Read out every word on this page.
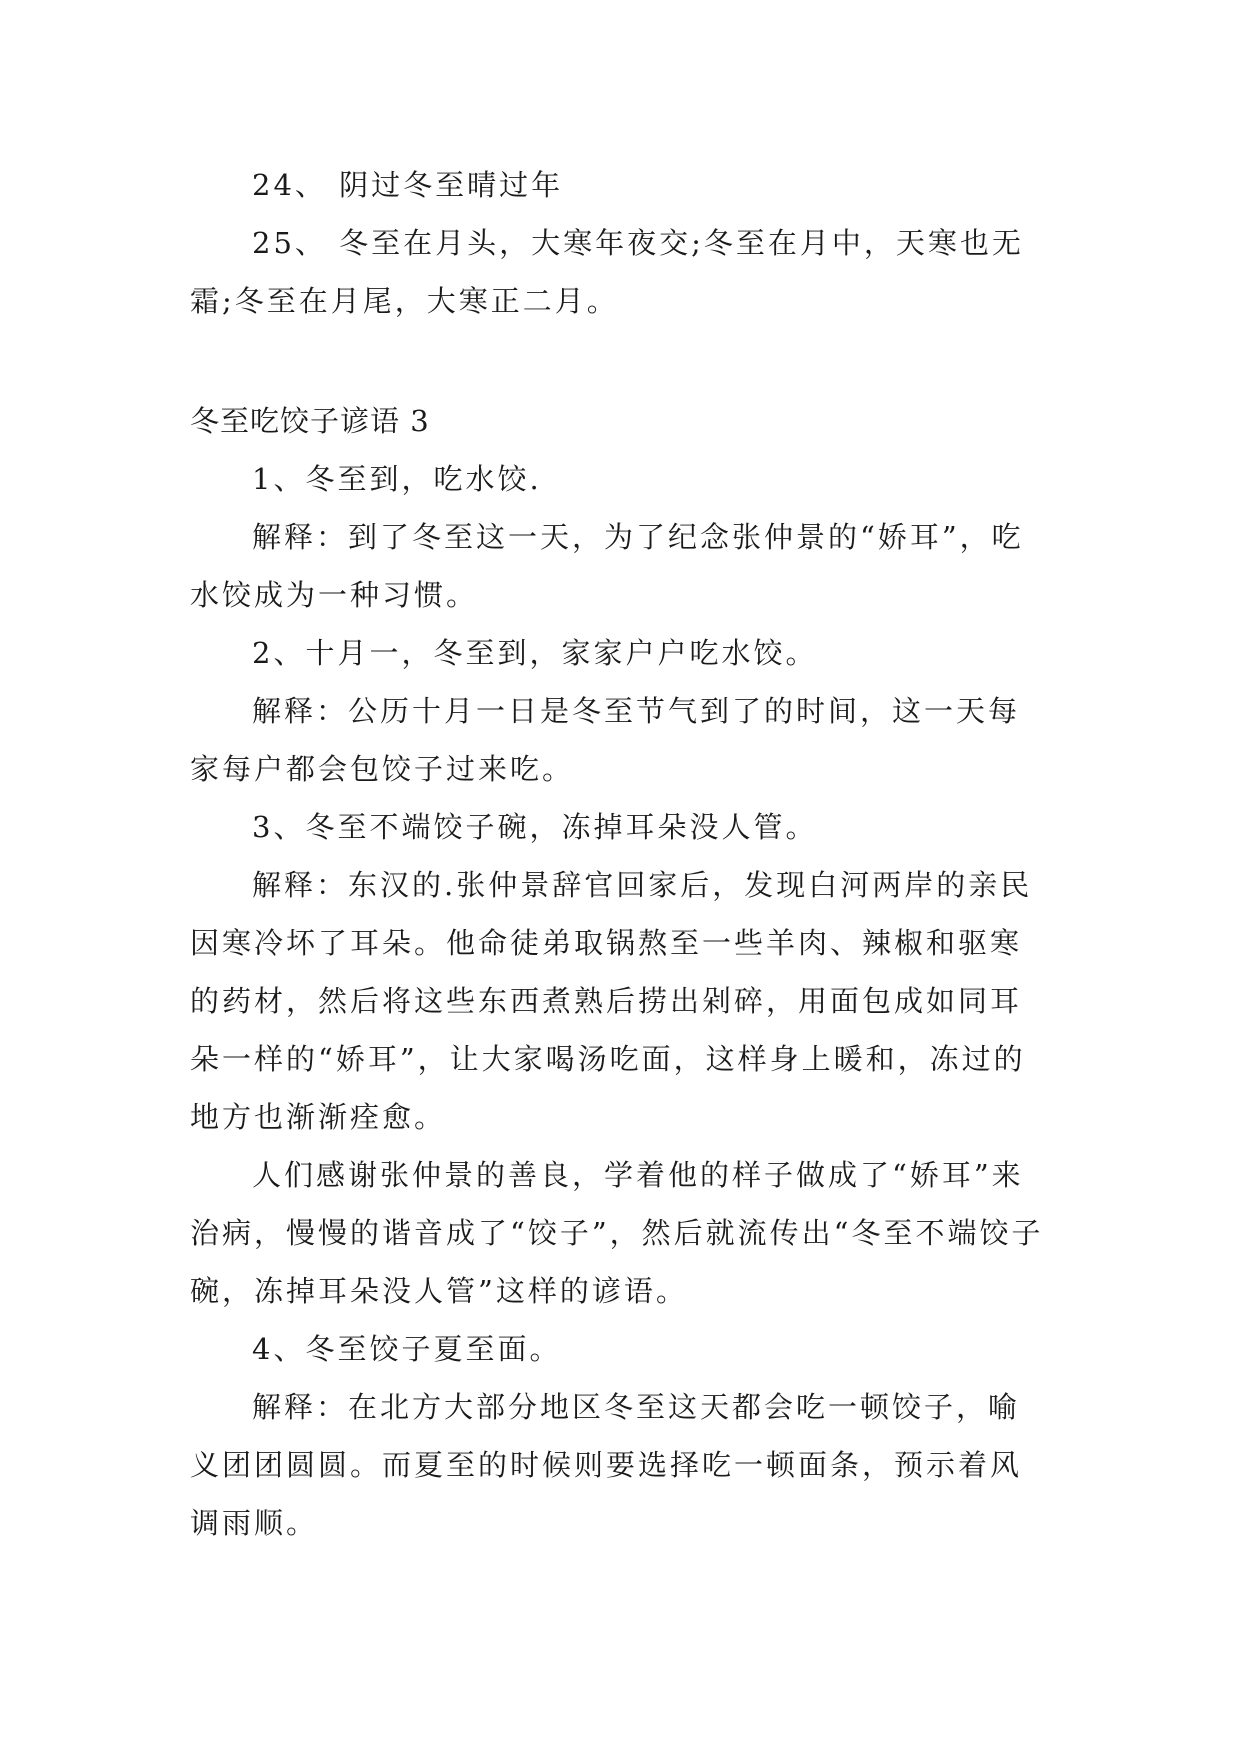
24、 阴过冬至晴过年

25、 冬至在月头，大寒年夜交;冬至在月中，天寒也无霜;冬至在月尾，大寒正二月。

冬至吃饺子谚语 3

1、冬至到，吃水饺.

解释：到了冬至这一天，为了纪念张仲景的“娇耳”，吃水饺成为一种习惯。

2、十月一，冬至到，家家户户吃水饺。

解释：公历十月一日是冬至节气到了的时间，这一天每家每户都会包饺子过来吃。

3、冬至不端饺子碗，冻掉耳朵没人管。

解释：东汉的.张仲景辞官回家后，发现白河两岸的亲民因寒冷坏了耳朵。他命徒弟取锅熬至一些羊肉、辣椒和驱寒的药材，然后将这些东西煮熟后捞出剁碎，用面包成如同耳朵一样的“娇耳”，让大家喝汤吃面，这样身上暖和，冻过的地方也渐渐痊愈。

人们感谢张仲景的善良，学着他的样子做成了“娇耳”来治病，慢慢的谐音成了“饺子”，然后就流传出“冬至不端饺子碗，冻掉耳朵没人管”这样的谚语。

4、冬至饺子夏至面。

解释：在北方大部分地区冬至这天都会吃一顿饺子，喻义团团圆圆。而夏至的时候则要选择吃一顿面条，预示着风调雨顺。
